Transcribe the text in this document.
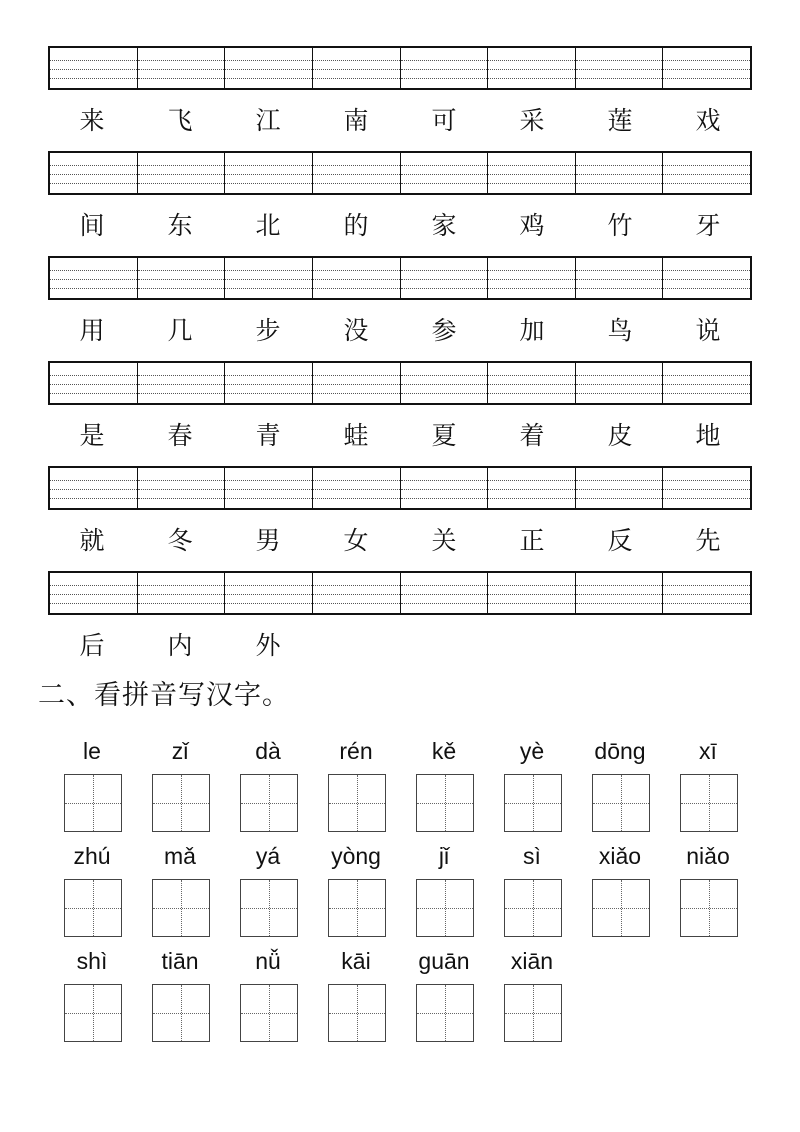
来	飞	江	南	可	采	莲	戏
间	东	北	的	家	鸡	竹	牙
用	几	步	没	参	加	鸟	说
是	春	青	蛙	夏	着	皮	地
就	冬	男	女	关	正	反	先
后	内	外
二、看拼音写汉字。
le	zǐ	dà	rén	kě	yè	dōng	xī
zhú	mǎ	yá	yòng	jǐ	sì	xiǎo	niǎo
shì	tiān	nǚ	kāi	guān	xiān
